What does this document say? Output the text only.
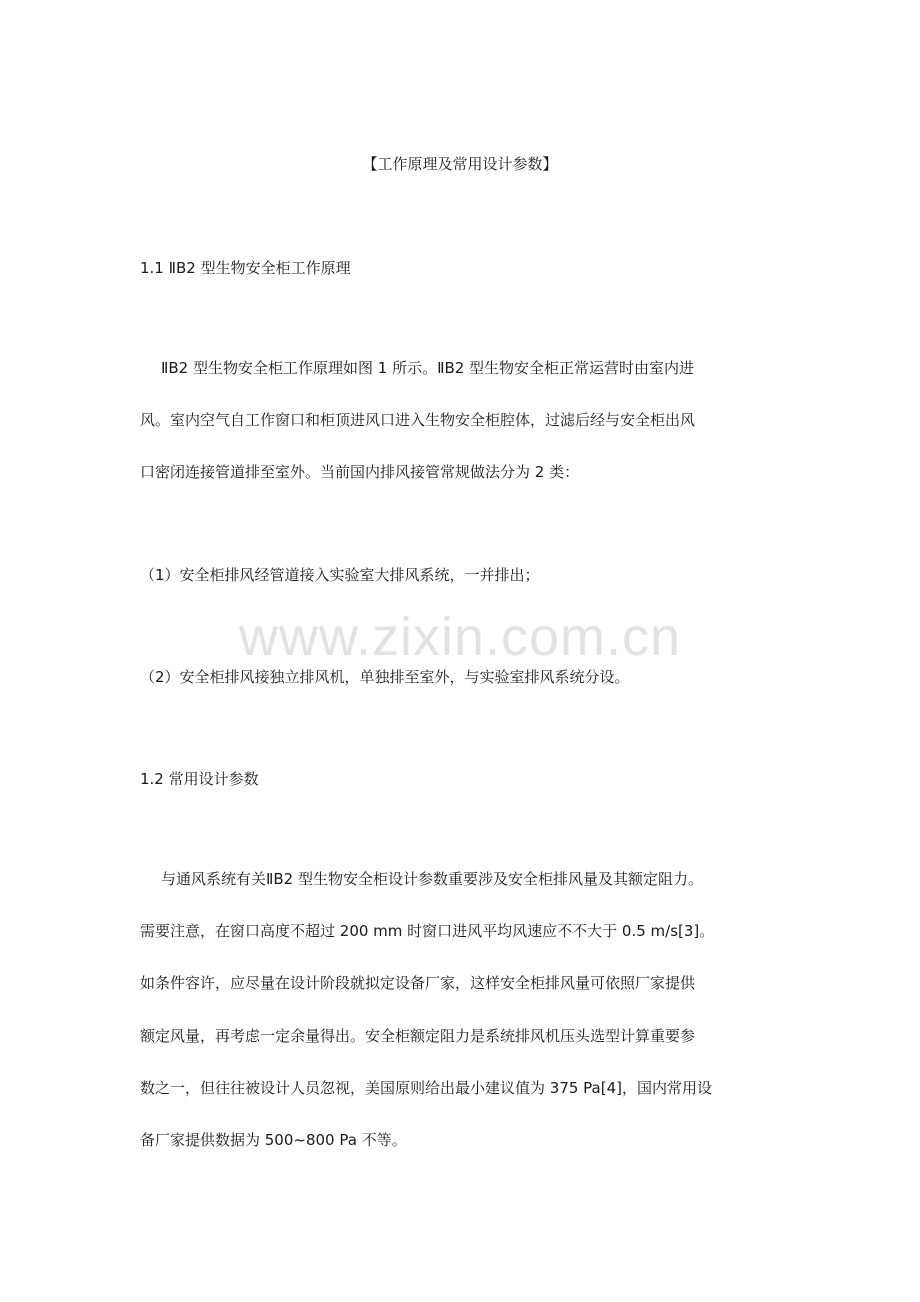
【工作原理及常用设计参数】
1.1 ⅡB2 型生物安全柜工作原理
ⅡB2 型生物安全柜工作原理如图 1 所示。ⅡB2 型生物安全柜正常运营时由室内进
风。室内空气自工作窗口和柜顶进风口进入生物安全柜腔体，过滤后经与安全柜出风
口密闭连接管道排至室外。当前国内排风接管常规做法分为 2 类：
（1）安全柜排风经管道接入实验室大排风系统，一并排出；
www.zixin.com.cn
（2）安全柜排风接独立排风机，单独排至室外，与实验室排风系统分设。
1.2 常用设计参数
与通风系统有关ⅡB2 型生物安全柜设计参数重要涉及安全柜排风量及其额定阻力。
需要注意，在窗口高度不超过 200 mm 时窗口进风平均风速应不不大于 0.5 m/s[3]。
如条件容许，应尽量在设计阶段就拟定设备厂家，这样安全柜排风量可依照厂家提供
额定风量，再考虑一定余量得出。安全柜额定阻力是系统排风机压头选型计算重要参
数之一，但往往被设计人员忽视，美国原则给出最小建议值为 375 Pa[4]，国内常用设
备厂家提供数据为 500~800 Pa 不等。
